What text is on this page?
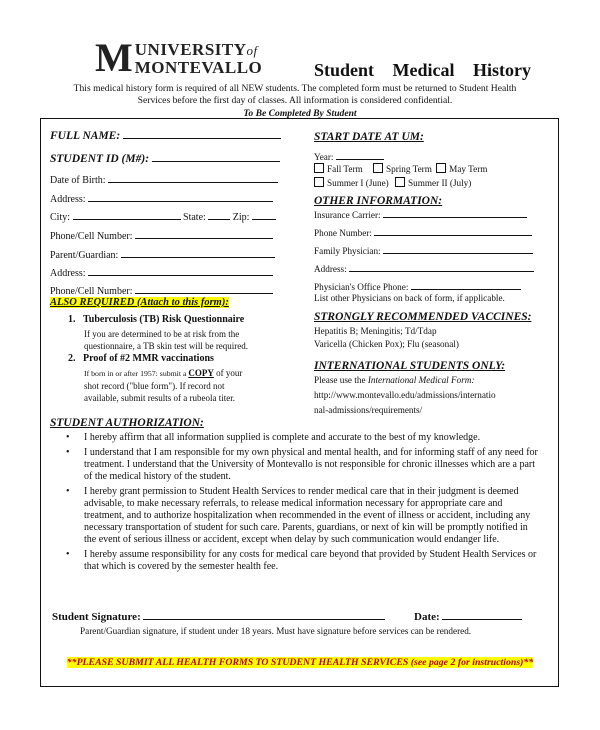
M UNIVERSITYof
MONTEVALLO	Student Medical History
This medical history form is required of all NEW students. The completed form must be returned to Student Health Services before the first day of classes. All information is considered confidential.
To Be Completed By Student
FULL NAME:
STUDENT ID (M#):
Date of Birth:
Address:
City:	State:	Zip:
Phone/Cell Number:
Parent/Guardian:
Address:
Phone/Cell Number:
ALSO REQUIRED (Attach to this form):
1. Tuberculosis (TB) Risk Questionnaire
If you are determined to be at risk from the
questionnaire, a TB skin test will be required.
2. Proof of #2 MMR vaccinations
If born in or after 1957: submit a COPY of your
shot record ("blue form"). If record not
available, submit results of a rubeola titer.
START DATE AT UM:
Year:
Fall Term	Spring Term May Term
Summer I (June) Summer II (July)
OTHER INFORMATION:
Insurance Carrier:
Phone Number:
Family Physician:
Address:
Physician's Office Phone:
List other Physicians on back of form, if applicable.
STRONGLY RECOMMENDED VACCINES:
Hepatitis B; Meningitis; Td/Tdap
Varicella (Chicken Pox); Flu (seasonal)
INTERNATIONAL STUDENTS ONLY:
Please use the International Medical Form:
http://www.montevallo.edu/admissions/internatio
nal-admissions/requirements/
STUDENT AUTHORIZATION:
• I hereby affirm that all information supplied is complete and accurate to the best of my knowledge.
• I understand that I am responsible for my own physical and mental health, and for informing staff of any need for treatment. I understand that the University of Montevallo is not responsible for chronic illnesses which are a part of the medical history of the student.
• I hereby grant permission to Student Health Services to render medical care that in their judgment is deemed advisable, to make necessary referrals, to release medical information necessary for appropriate care and treatment, and to authorize hospitalization when recommended in the event of illness or accident, including any necessary transportation of student for such care. Parents, guardians, or next of kin will be promptly notified in the event of serious illness or accident, except when delay by such communication would endanger life.
• I hereby assume responsibility for any costs for medical care beyond that provided by Student Health Services or that which is covered by the semester health fee.
Student Signature:	Date:
Parent/Guardian signature, if student under 18 years. Must have signature before services can be rendered.
**PLEASE SUBMIT ALL HEALTH FORMS TO STUDENT HEALTH SERVICES (see page 2 for instructions)**
